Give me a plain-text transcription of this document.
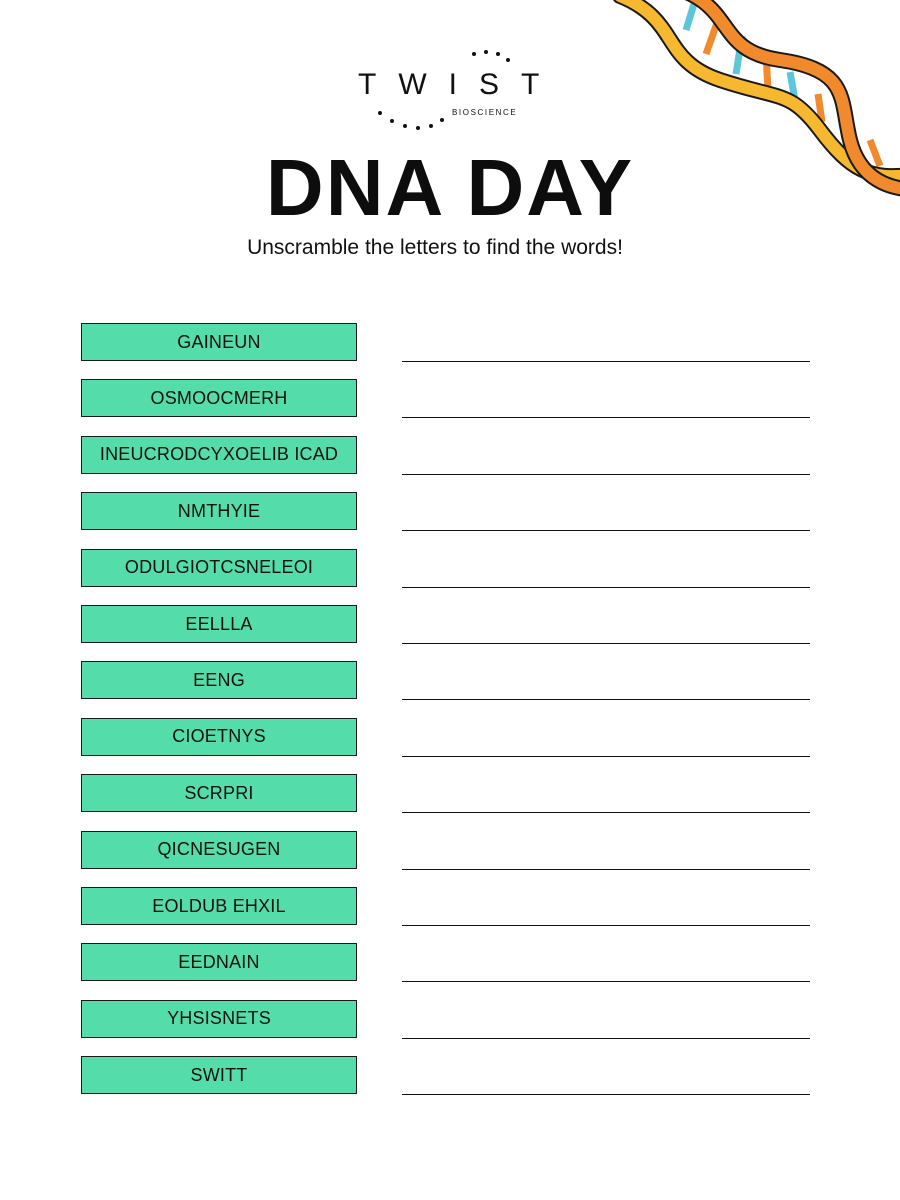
TWIST
BIOSCIENCE
DNA DAY
Unscramble the letters to find the words!
GAINEUN
OSMOOCMERH
INEUCRODCYXOELIB ICAD
NMTHYIE
ODULGIOTCSNELEOI
EELLLA
EENG
CIOETNYS
SCRPRI
QICNESUGEN
EOLDUB EHXIL
EEDNAIN
YHSISNETS
SWITT
